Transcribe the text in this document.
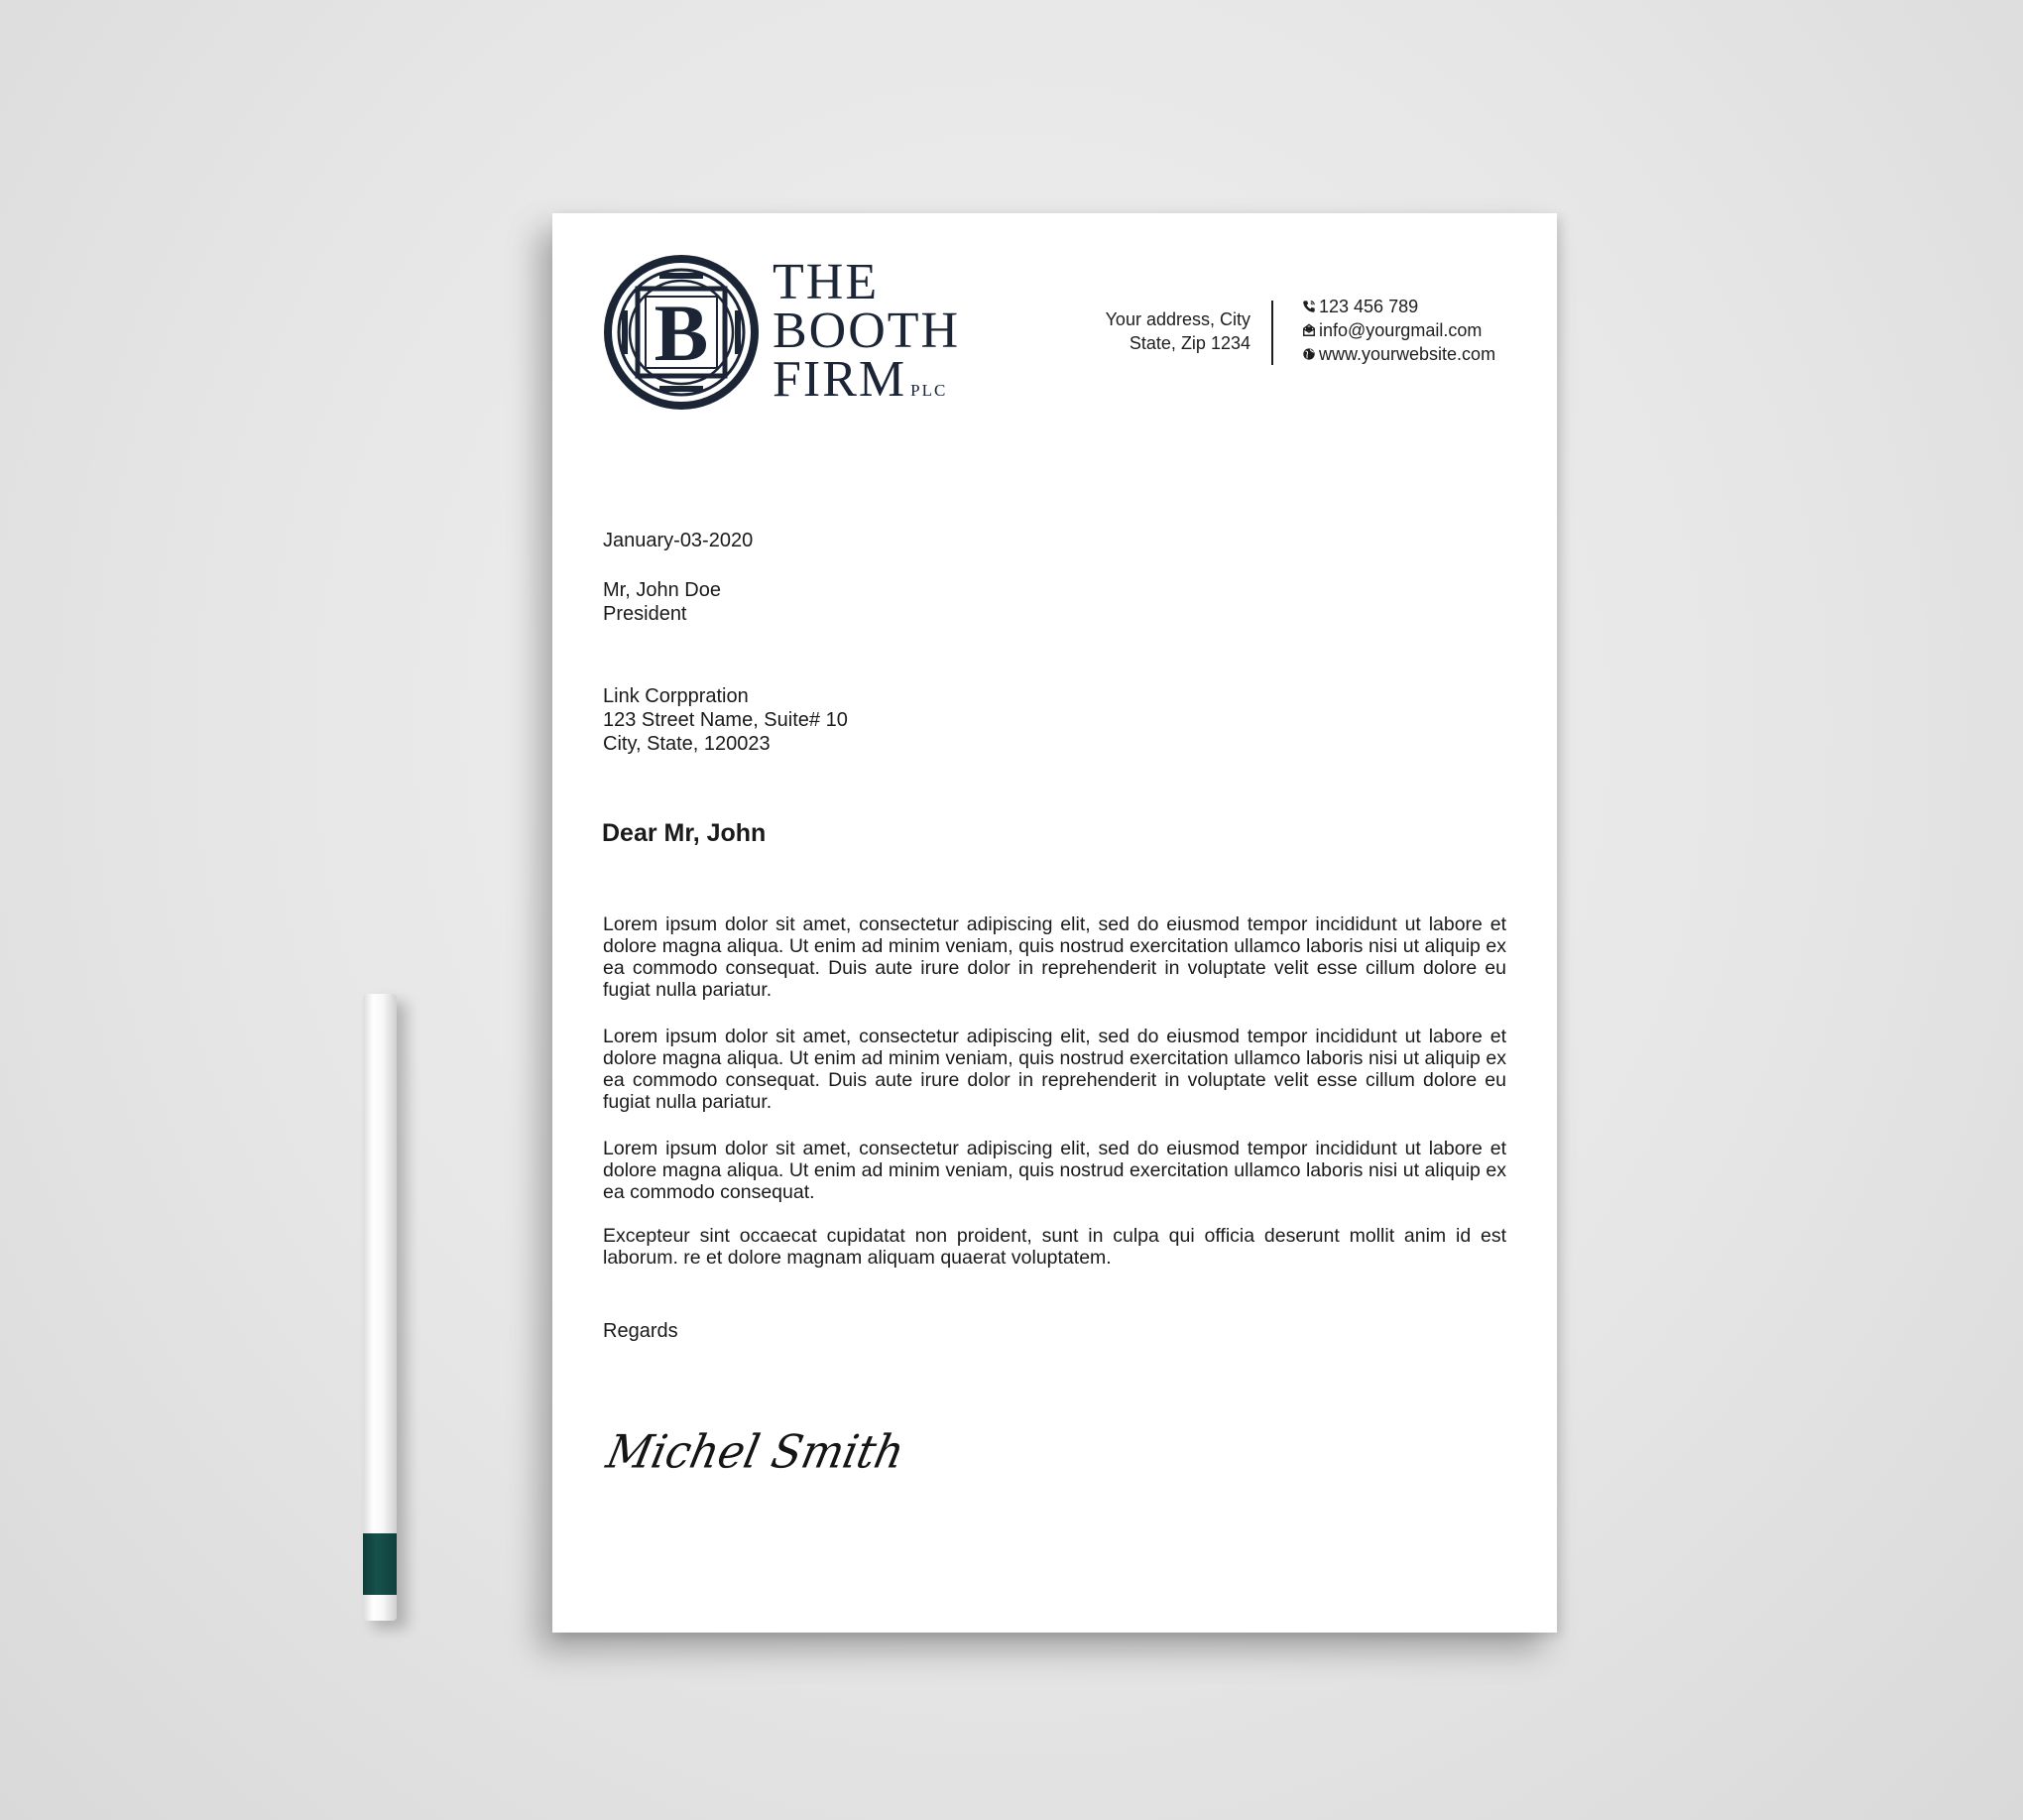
B
THE
BOOTH
FIRM PLC
Your address, City
State, Zip 1234
123 456 789
info@yourgmail.com
www.yourwebsite.com
January-03-2020
Mr, John Doe
President
Link Corppration
123 Street Name, Suite# 10
City, State, 120023
Dear Mr, John

Lorem ipsum dolor sit amet, consectetur adipiscing elit, sed do eiusmod tempor incididunt ut labore et dolore magna aliqua. Ut enim ad minim veniam, quis nostrud exercitation ullamco laboris nisi ut aliquip ex ea commodo consequat. Duis aute irure dolor in reprehenderit in voluptate velit esse cillum dolore eu fugiat nulla pariatur.

Lorem ipsum dolor sit amet, consectetur adipiscing elit, sed do eiusmod tempor incididunt ut labore et dolore magna aliqua. Ut enim ad minim veniam, quis nostrud exercitation ullamco laboris nisi ut aliquip ex ea commodo consequat. Duis aute irure dolor in reprehenderit in voluptate velit esse cillum dolore eu fugiat nulla pariatur.

Lorem ipsum dolor sit amet, consectetur adipiscing elit, sed do eiusmod tempor incididunt ut labore et dolore magna aliqua. Ut enim ad minim veniam, quis nostrud exercitation ullamco laboris nisi ut aliquip ex ea commodo consequat.

Excepteur sint occaecat cupidatat non proident, sunt in culpa qui officia deserunt mollit anim id est laborum. re et dolore magnam aliquam quaerat voluptatem.

Regards
Michel Smith
